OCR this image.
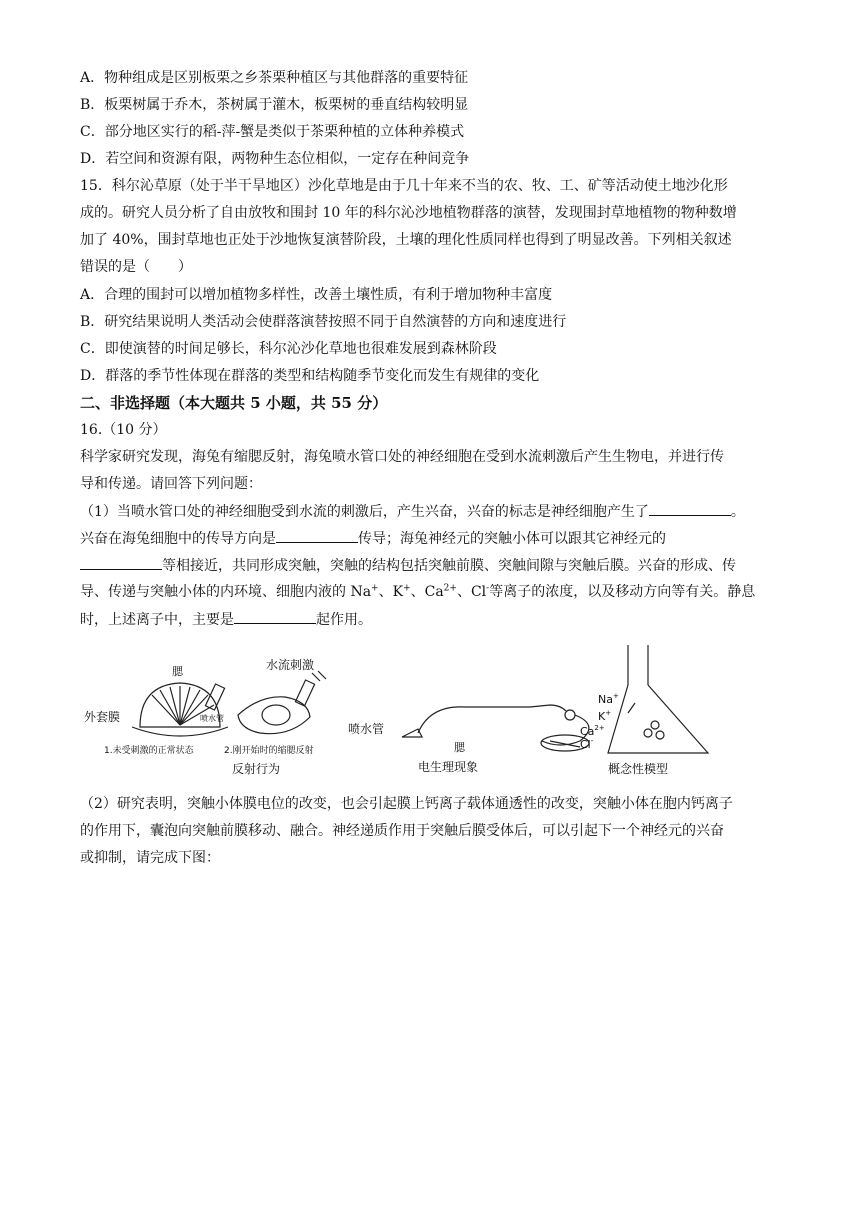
A．物种组成是区别板栗之乡茶栗种植区与其他群落的重要特征
B．板栗树属于乔木，茶树属于灌木，板栗树的垂直结构较明显
C．部分地区实行的稻-萍-蟹是类似于茶栗种植的立体种养模式
D．若空间和资源有限，两物种生态位相似，一定存在种间竞争
15．科尔沁草原（处于半干旱地区）沙化草地是由于几十年来不当的农、牧、工、矿等活动使土地沙化形
成的。研究人员分析了自由放牧和围封 10 年的科尔沁沙地植物群落的演替，发现围封草地植物的物种数增
加了 40%，围封草地也正处于沙地恢复演替阶段，土壤的理化性质同样也得到了明显改善。下列相关叙述
错误的是（　　）
A．合理的围封可以增加植物多样性，改善土壤性质，有利于增加物种丰富度
B．研究结果说明人类活动会使群落演替按照不同于自然演替的方向和速度进行
C．即使演替的时间足够长，科尔沁沙化草地也很难发展到森林阶段
D．群落的季节性体现在群落的类型和结构随季节变化而发生有规律的变化
二、非选择题（本大题共 5 小题，共 55 分）
16.（10 分）
科学家研究发现，海兔有缩腮反射，海兔喷水管口处的神经细胞在受到水流刺激后产生生物电，并进行传
导和传递。请回答下列问题：
（1）当喷水管口处的神经细胞受到水流的刺激后，产生兴奋，兴奋的标志是神经细胞产生了	。
兴奋在海兔细胞中的传导方向是	传导；海兔神经元的突触小体可以跟其它神经元的
等相接近，共同形成突触，突触的结构包括突触前膜、突触间隙与突触后膜。兴奋的形成、传
导、传递与突触小体的内环境、细胞内液的 Na+、K+、$Ca^{2+}$、Cl-等离子的浓度，以及移动方向等有关。静息
时，上述离子中，主要是	起作用。
外套膜
腮
喷水管
水流刺激
1.未受刺激的正常状态	2.刚开始时的缩腮反射
反射行为
喷水管
腮
电生理现象
Na+
K+
$Ca^{2+}$
Cl-
概念性模型
（2）研究表明，突触小体膜电位的改变，也会引起膜上钙离子载体通透性的改变，突触小体在胞内钙离子
的作用下，囊泡向突触前膜移动、融合。神经递质作用于突触后膜受体后，可以引起下一个神经元的兴奋
或抑制，请完成下图：
